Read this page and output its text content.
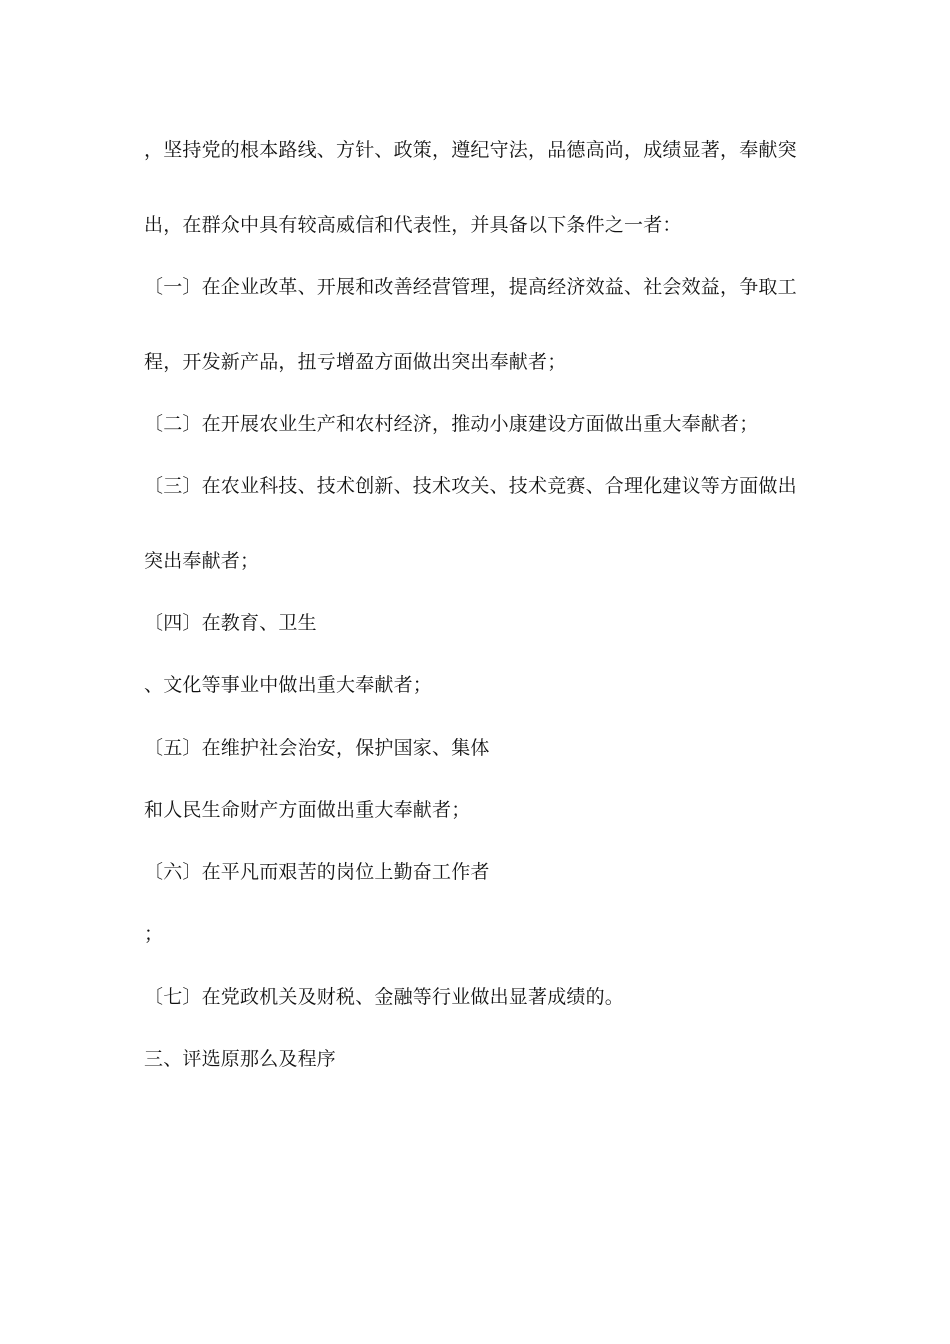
，坚持党的根本路线、方针、政策，遵纪守法，品德高尚，成绩显著，奉献突
出，在群众中具有较高威信和代表性，并具备以下条件之一者：
〔一〕在企业改革、开展和改善经营管理，提高经济效益、社会效益，争取工
程，开发新产品，扭亏增盈方面做出突出奉献者；
〔二〕在开展农业生产和农村经济，推动小康建设方面做出重大奉献者；
〔三〕在农业科技、技术创新、技术攻关、技术竞赛、合理化建议等方面做出
突出奉献者；
〔四〕在教育、卫生
、文化等事业中做出重大奉献者；
〔五〕在维护社会治安，保护国家、集体
和人民生命财产方面做出重大奉献者；
〔六〕在平凡而艰苦的岗位上勤奋工作者
；
〔七〕在党政机关及财税、金融等行业做出显著成绩的。
三、评选原那么及程序
